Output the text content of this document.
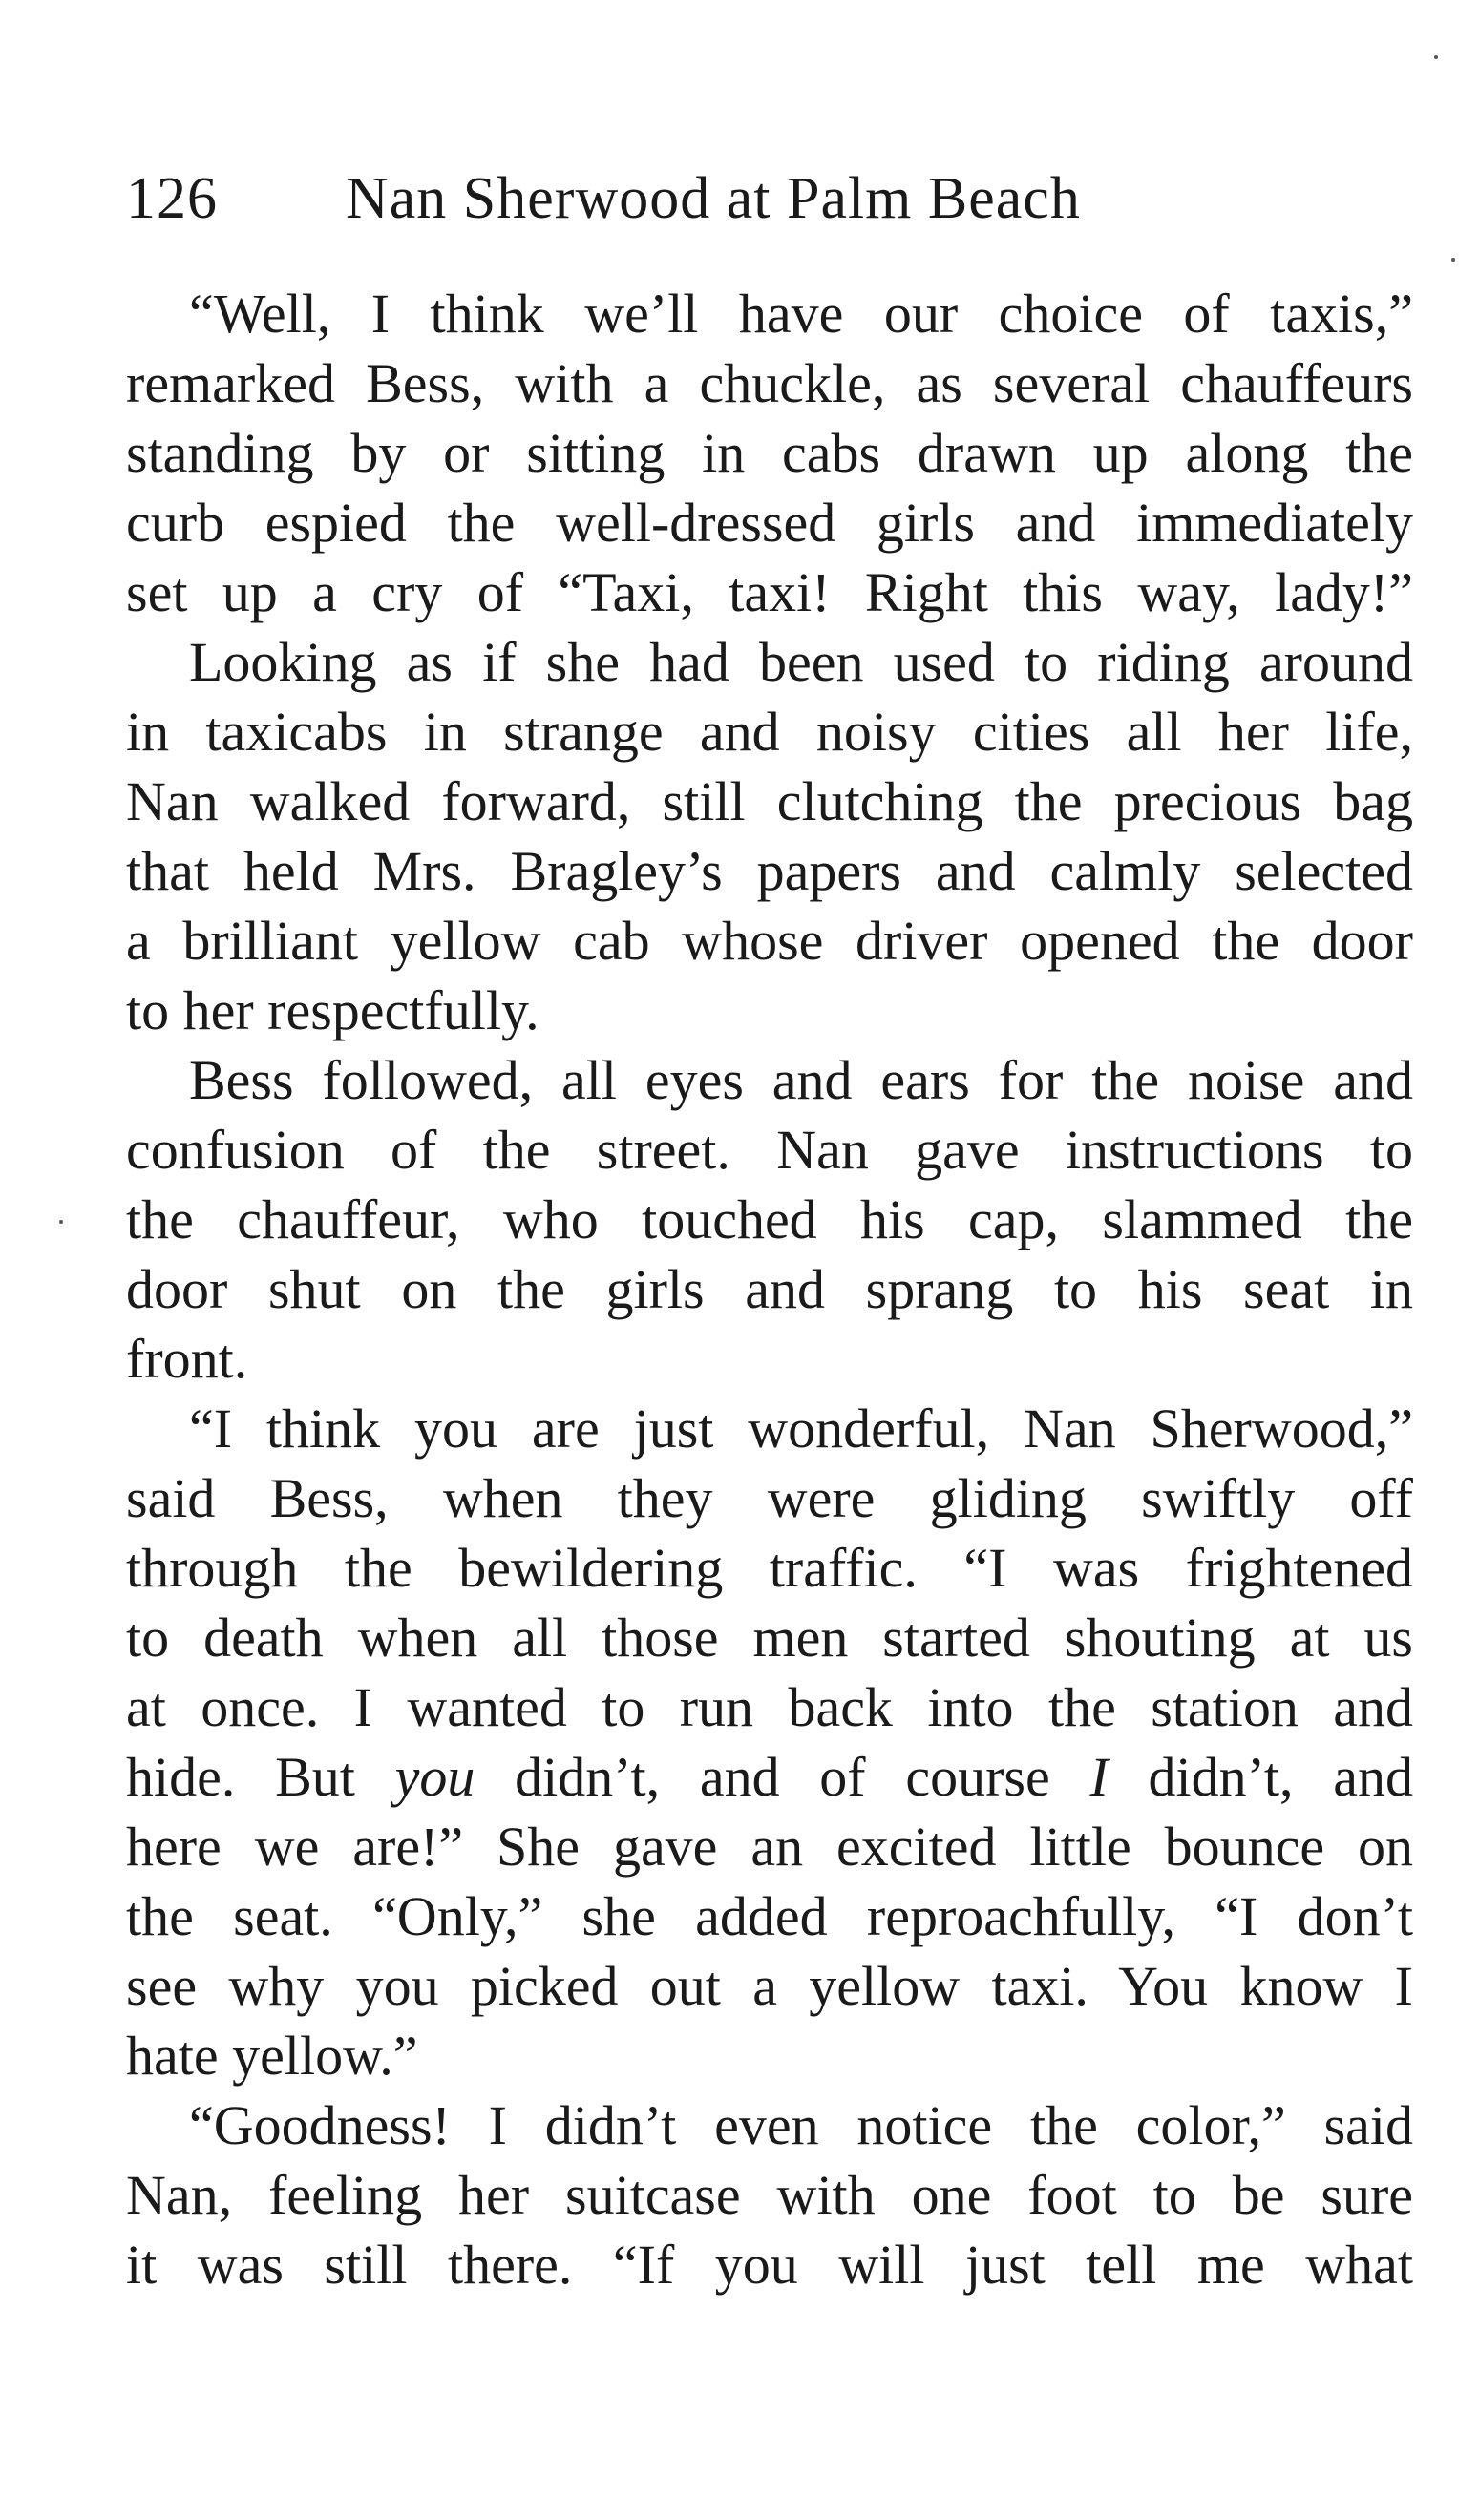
126 Nan Sherwood at Palm Beach
“Well, I think we’ll have our choice of taxis,”
remarked Bess, with a chuckle, as several chauffeurs
standing by or sitting in cabs drawn up along the
curb espied the well-dressed girls and immediately
set up a cry of “Taxi, taxi! Right this way, lady!”
Looking as if she had been used to riding around
in taxicabs in strange and noisy cities all her life,
Nan walked forward, still clutching the precious bag
that held Mrs. Bragley’s papers and calmly selected
a brilliant yellow cab whose driver opened the door
to her respectfully.
Bess followed, all eyes and ears for the noise and
confusion of the street. Nan gave instructions to
the chauffeur, who touched his cap, slammed the
door shut on the girls and sprang to his seat in
front.
“I think you are just wonderful, Nan Sherwood,”
said Bess, when they were gliding swiftly off
through the bewildering traffic. “I was frightened
to death when all those men started shouting at us
at once. I wanted to run back into the station and
hide. But you didn’t, and of course I didn’t, and
here we are!” She gave an excited little bounce on
the seat. “Only,” she added reproachfully, “I don’t
see why you picked out a yellow taxi. You know I
hate yellow.”
“Goodness! I didn’t even notice the color,” said
Nan, feeling her suitcase with one foot to be sure
it was still there. “If you will just tell me what
